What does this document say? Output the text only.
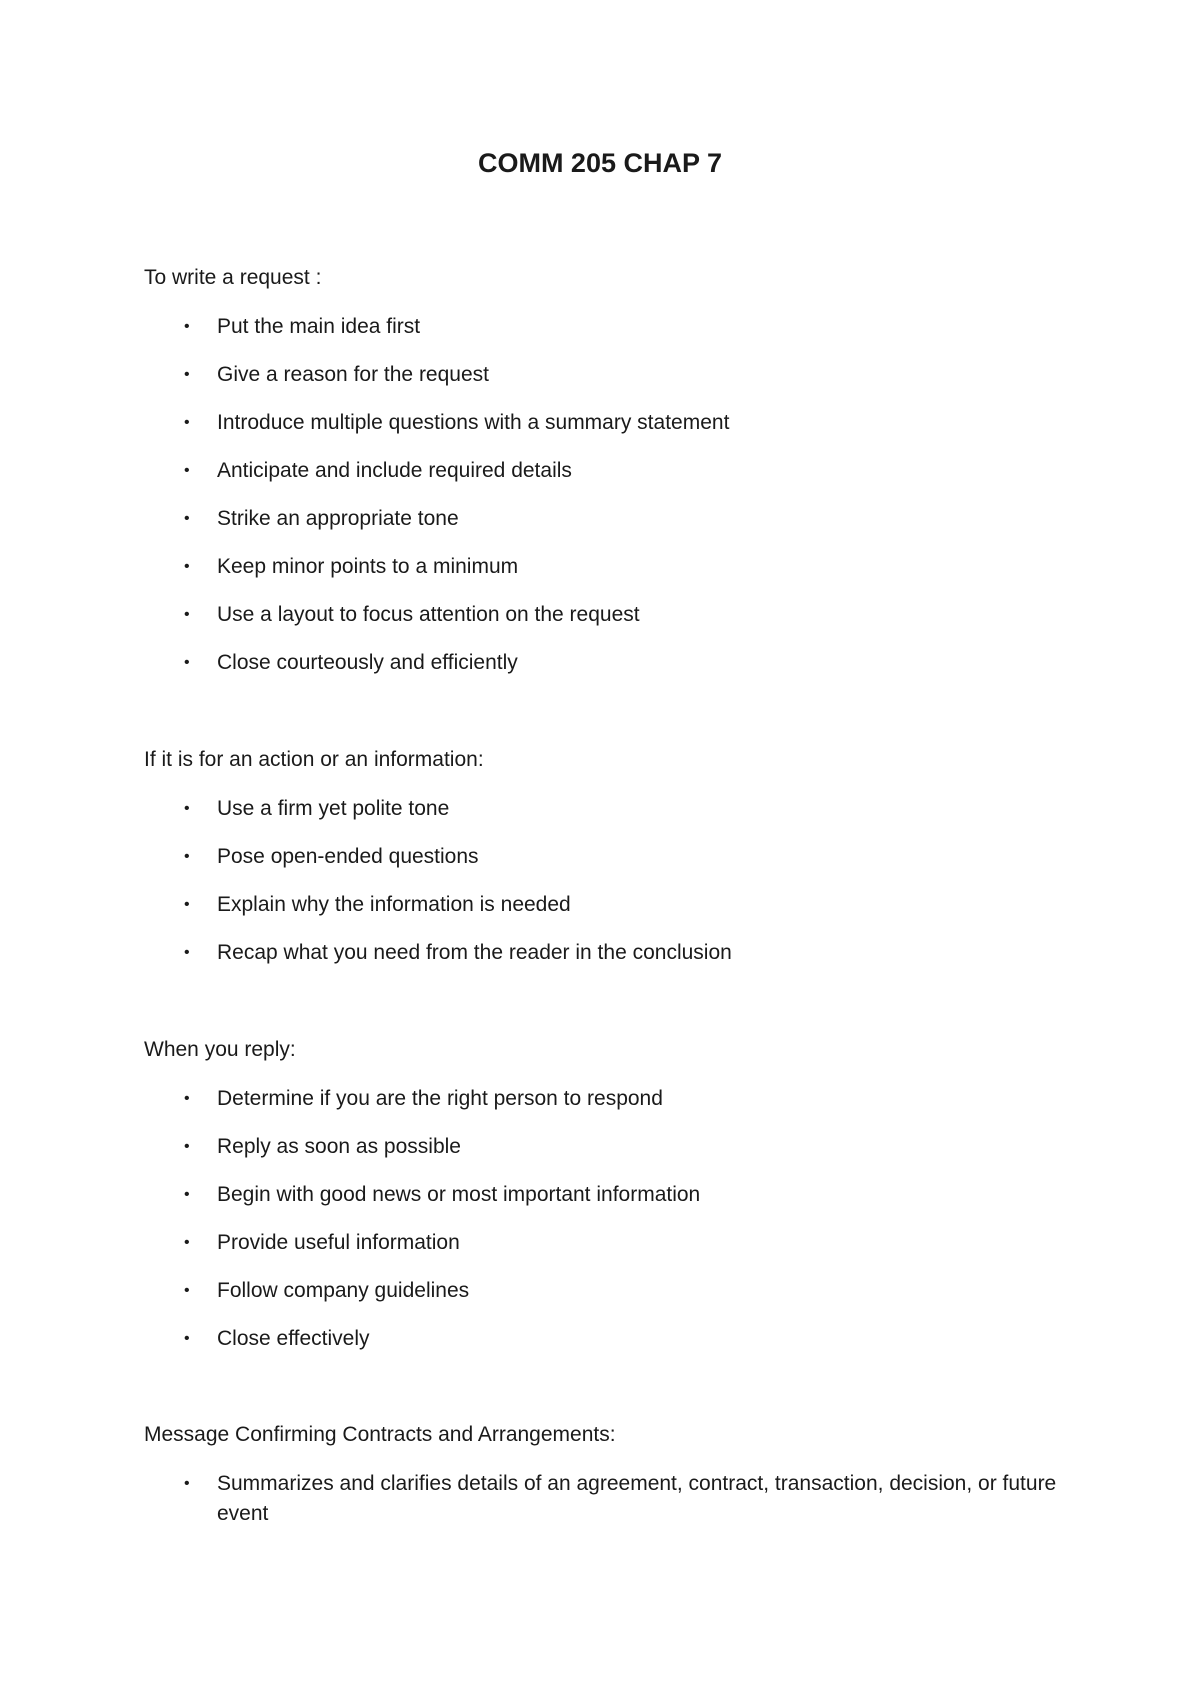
COMM 205 CHAP 7

To write a request :

• Put the main idea first
• Give a reason for the request
• Introduce multiple questions with a summary statement
• Anticipate and include required details
• Strike an appropriate tone
• Keep minor points to a minimum
• Use a layout to focus attention on the request
• Close courteously and efficiently

If it is for an action or an information:

• Use a firm yet polite tone
• Pose open-ended questions
• Explain why the information is needed
• Recap what you need from the reader in the conclusion

When you reply:

• Determine if you are the right person to respond
• Reply as soon as possible
• Begin with good news or most important information
• Provide useful information
• Follow company guidelines
• Close effectively

Message Confirming Contracts and Arrangements:

• Summarizes and clarifies details of an agreement, contract, transaction, decision, or future event
